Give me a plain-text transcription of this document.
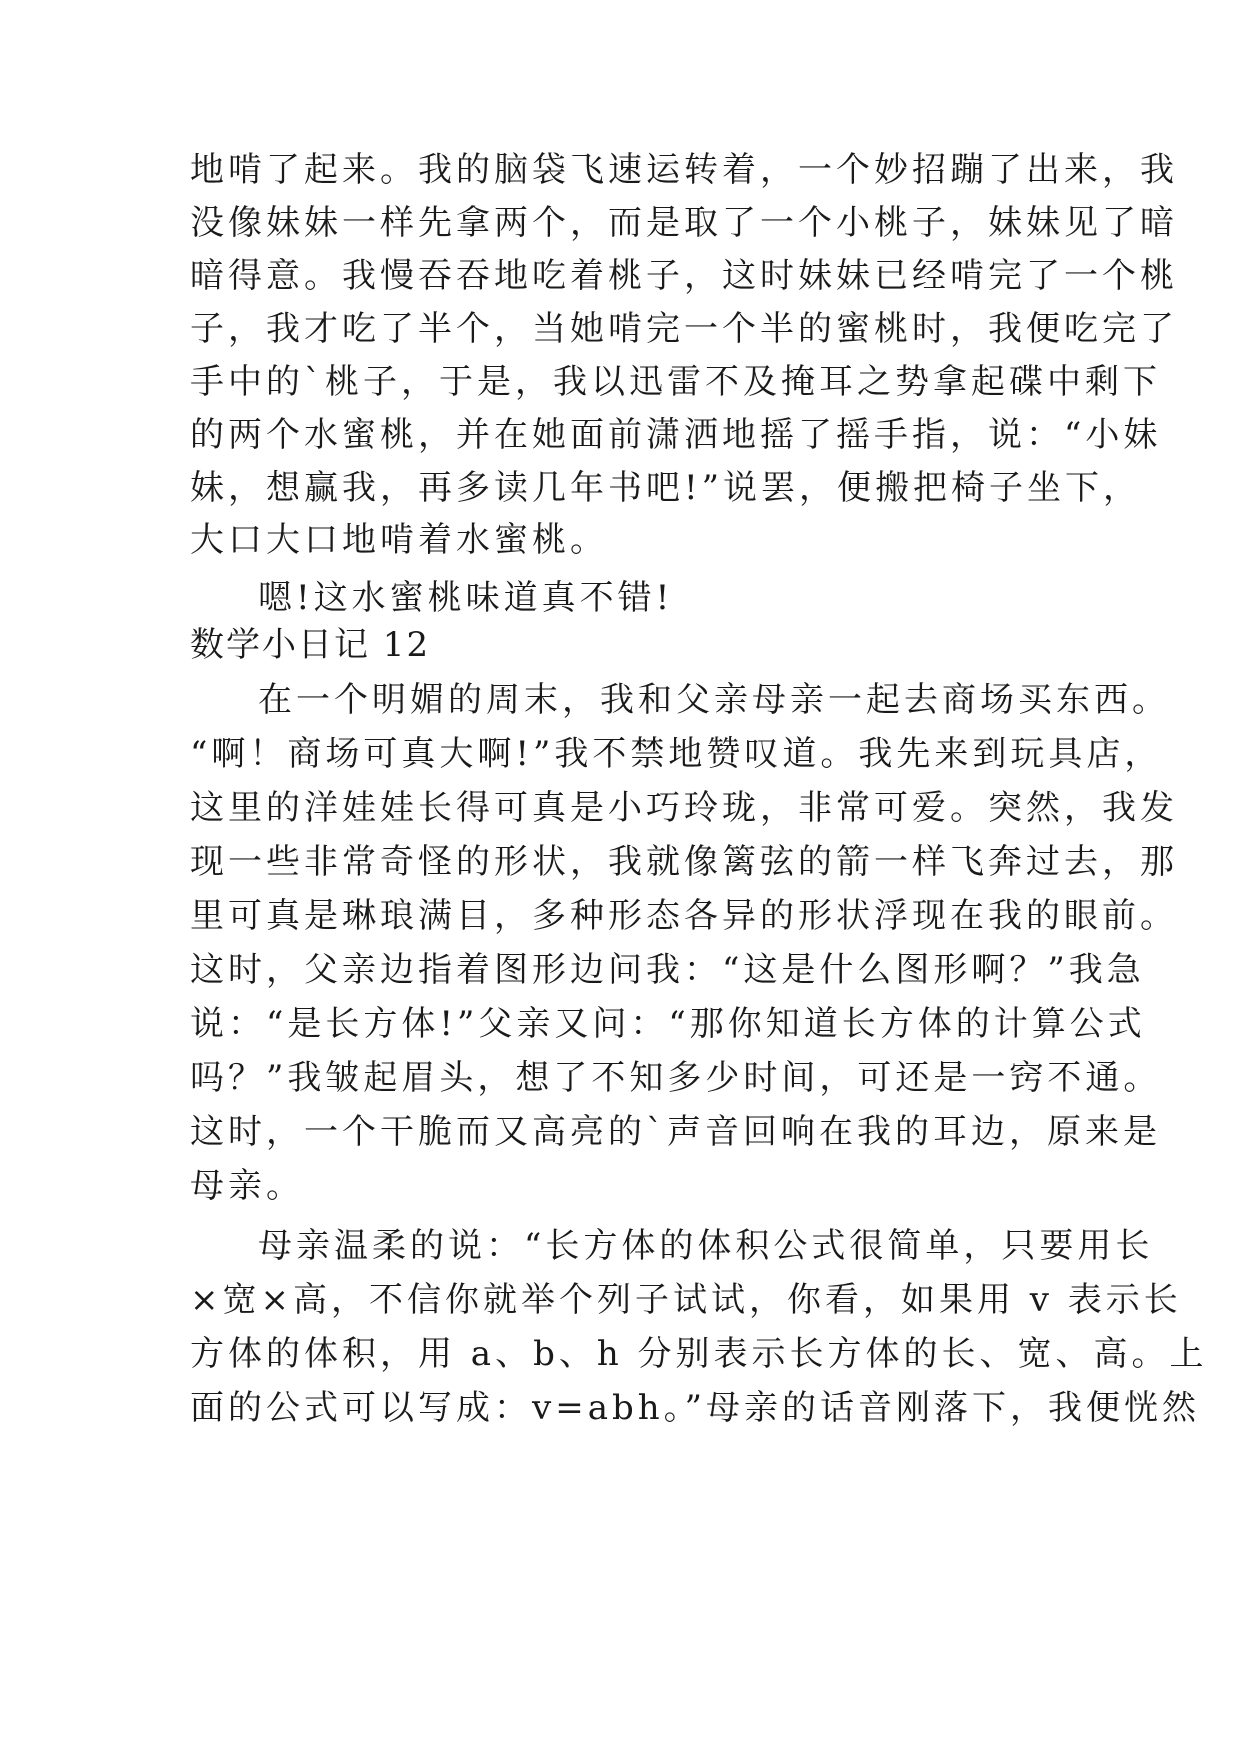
地啃了起来。我的脑袋飞速运转着，一个妙招蹦了出来，我
没像妹妹一样先拿两个，而是取了一个小桃子，妹妹见了暗
暗得意。我慢吞吞地吃着桃子，这时妹妹已经啃完了一个桃
子，我才吃了半个，当她啃完一个半的蜜桃时，我便吃完了
手中的`桃子，于是，我以迅雷不及掩耳之势拿起碟中剩下
的两个水蜜桃，并在她面前潇洒地摇了摇手指，说：“小妹
妹，想赢我，再多读几年书吧!”说罢，便搬把椅子坐下，
大口大口地啃着水蜜桃。
嗯!这水蜜桃味道真不错!
数学小日记 12
在一个明媚的周末，我和父亲母亲一起去商场买东西。
“啊！商场可真大啊!”我不禁地赞叹道。我先来到玩具店，
这里的洋娃娃长得可真是小巧玲珑，非常可爱。突然，我发
现一些非常奇怪的形状，我就像篱弦的箭一样飞奔过去，那
里可真是琳琅满目，多种形态各异的形状浮现在我的眼前。
这时，父亲边指着图形边问我：“这是什么图形啊？”我急
说：“是长方体!”父亲又问：“那你知道长方体的计算公式
吗？”我皱起眉头，想了不知多少时间，可还是一窍不通。
这时，一个干脆而又高亮的`声音回响在我的耳边，原来是
母亲。
母亲温柔的说：“长方体的体积公式很简单，只要用长
×宽×高，不信你就举个列子试试，你看，如果用 v 表示长
方体的体积，用 a、b、h 分别表示长方体的长、宽、高。上
面的公式可以写成：v=abh。”母亲的话音刚落下，我便恍然
